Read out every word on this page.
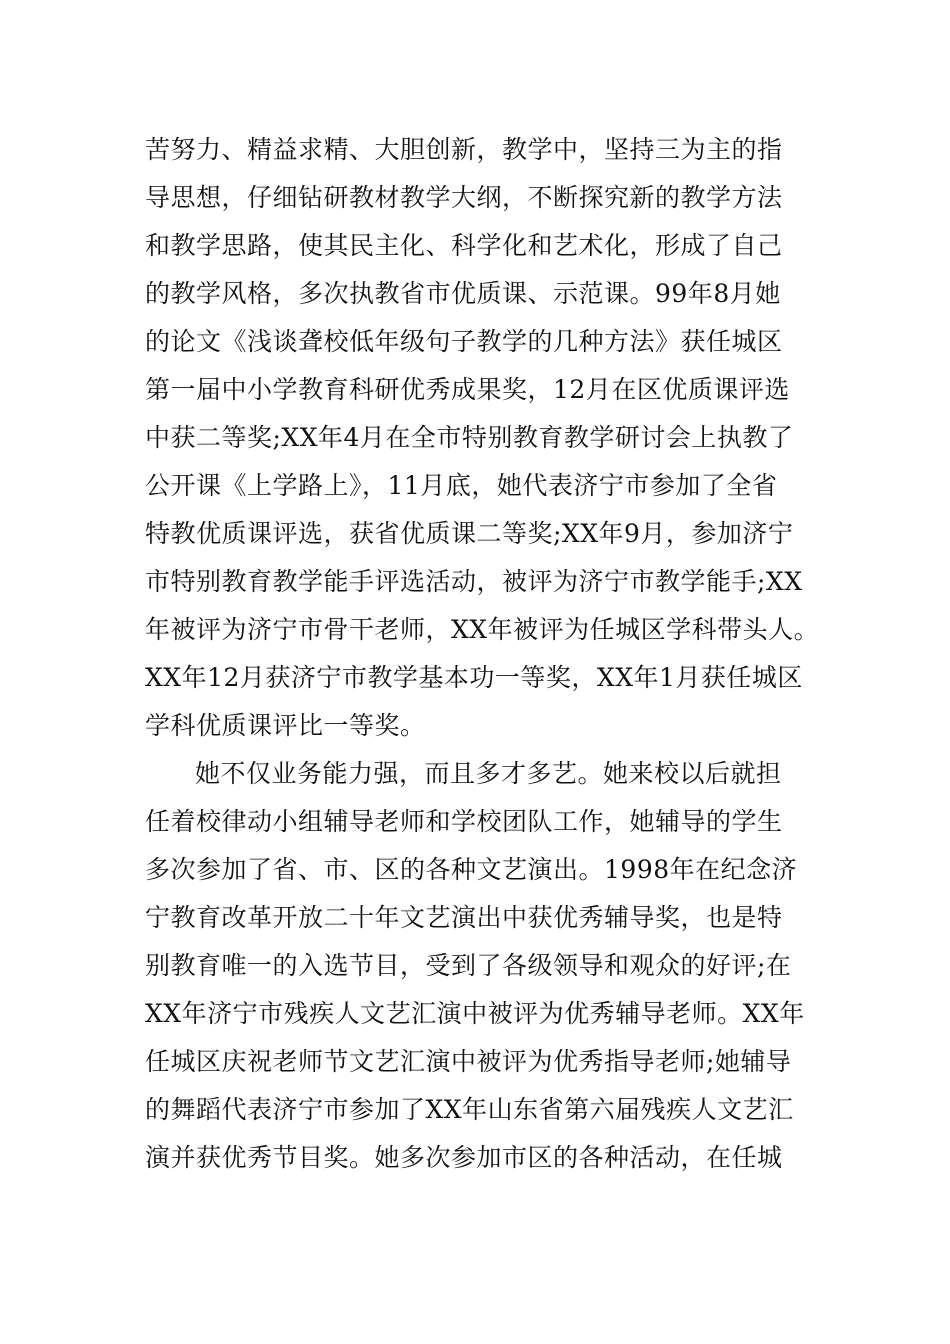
苦努力、精益求精、大胆创新，教学中，坚持三为主的指
导思想，仔细钻研教材教学大纲，不断探究新的教学方法
和教学思路，使其民主化、科学化和艺术化，形成了自己
的教学风格，多次执教省市优质课、示范课。99年8月她
的论文《浅谈聋校低年级句子教学的几种方法》获任城区
第一届中小学教育科研优秀成果奖，12月在区优质课评选
中获二等奖;XX年4月在全市特别教育教学研讨会上执教了
公开课《上学路上》，11月底，她代表济宁市参加了全省
特教优质课评选，获省优质课二等奖;XX年9月，参加济宁
市特别教育教学能手评选活动，被评为济宁市教学能手;XX
年被评为济宁市骨干老师，XX年被评为任城区学科带头人。
XX年12月获济宁市教学基本功一等奖，XX年1月获任城区
学科优质课评比一等奖。
她不仅业务能力强，而且多才多艺。她来校以后就担
任着校律动小组辅导老师和学校团队工作，她辅导的学生
多次参加了省、市、区的各种文艺演出。1998年在纪念济
宁教育改革开放二十年文艺演出中获优秀辅导奖，也是特
别教育唯一的入选节目，受到了各级领导和观众的好评;在
XX年济宁市残疾人文艺汇演中被评为优秀辅导老师。XX年
任城区庆祝老师节文艺汇演中被评为优秀指导老师;她辅导
的舞蹈代表济宁市参加了XX年山东省第六届残疾人文艺汇
演并获优秀节目奖。她多次参加市区的各种活动，在任城
